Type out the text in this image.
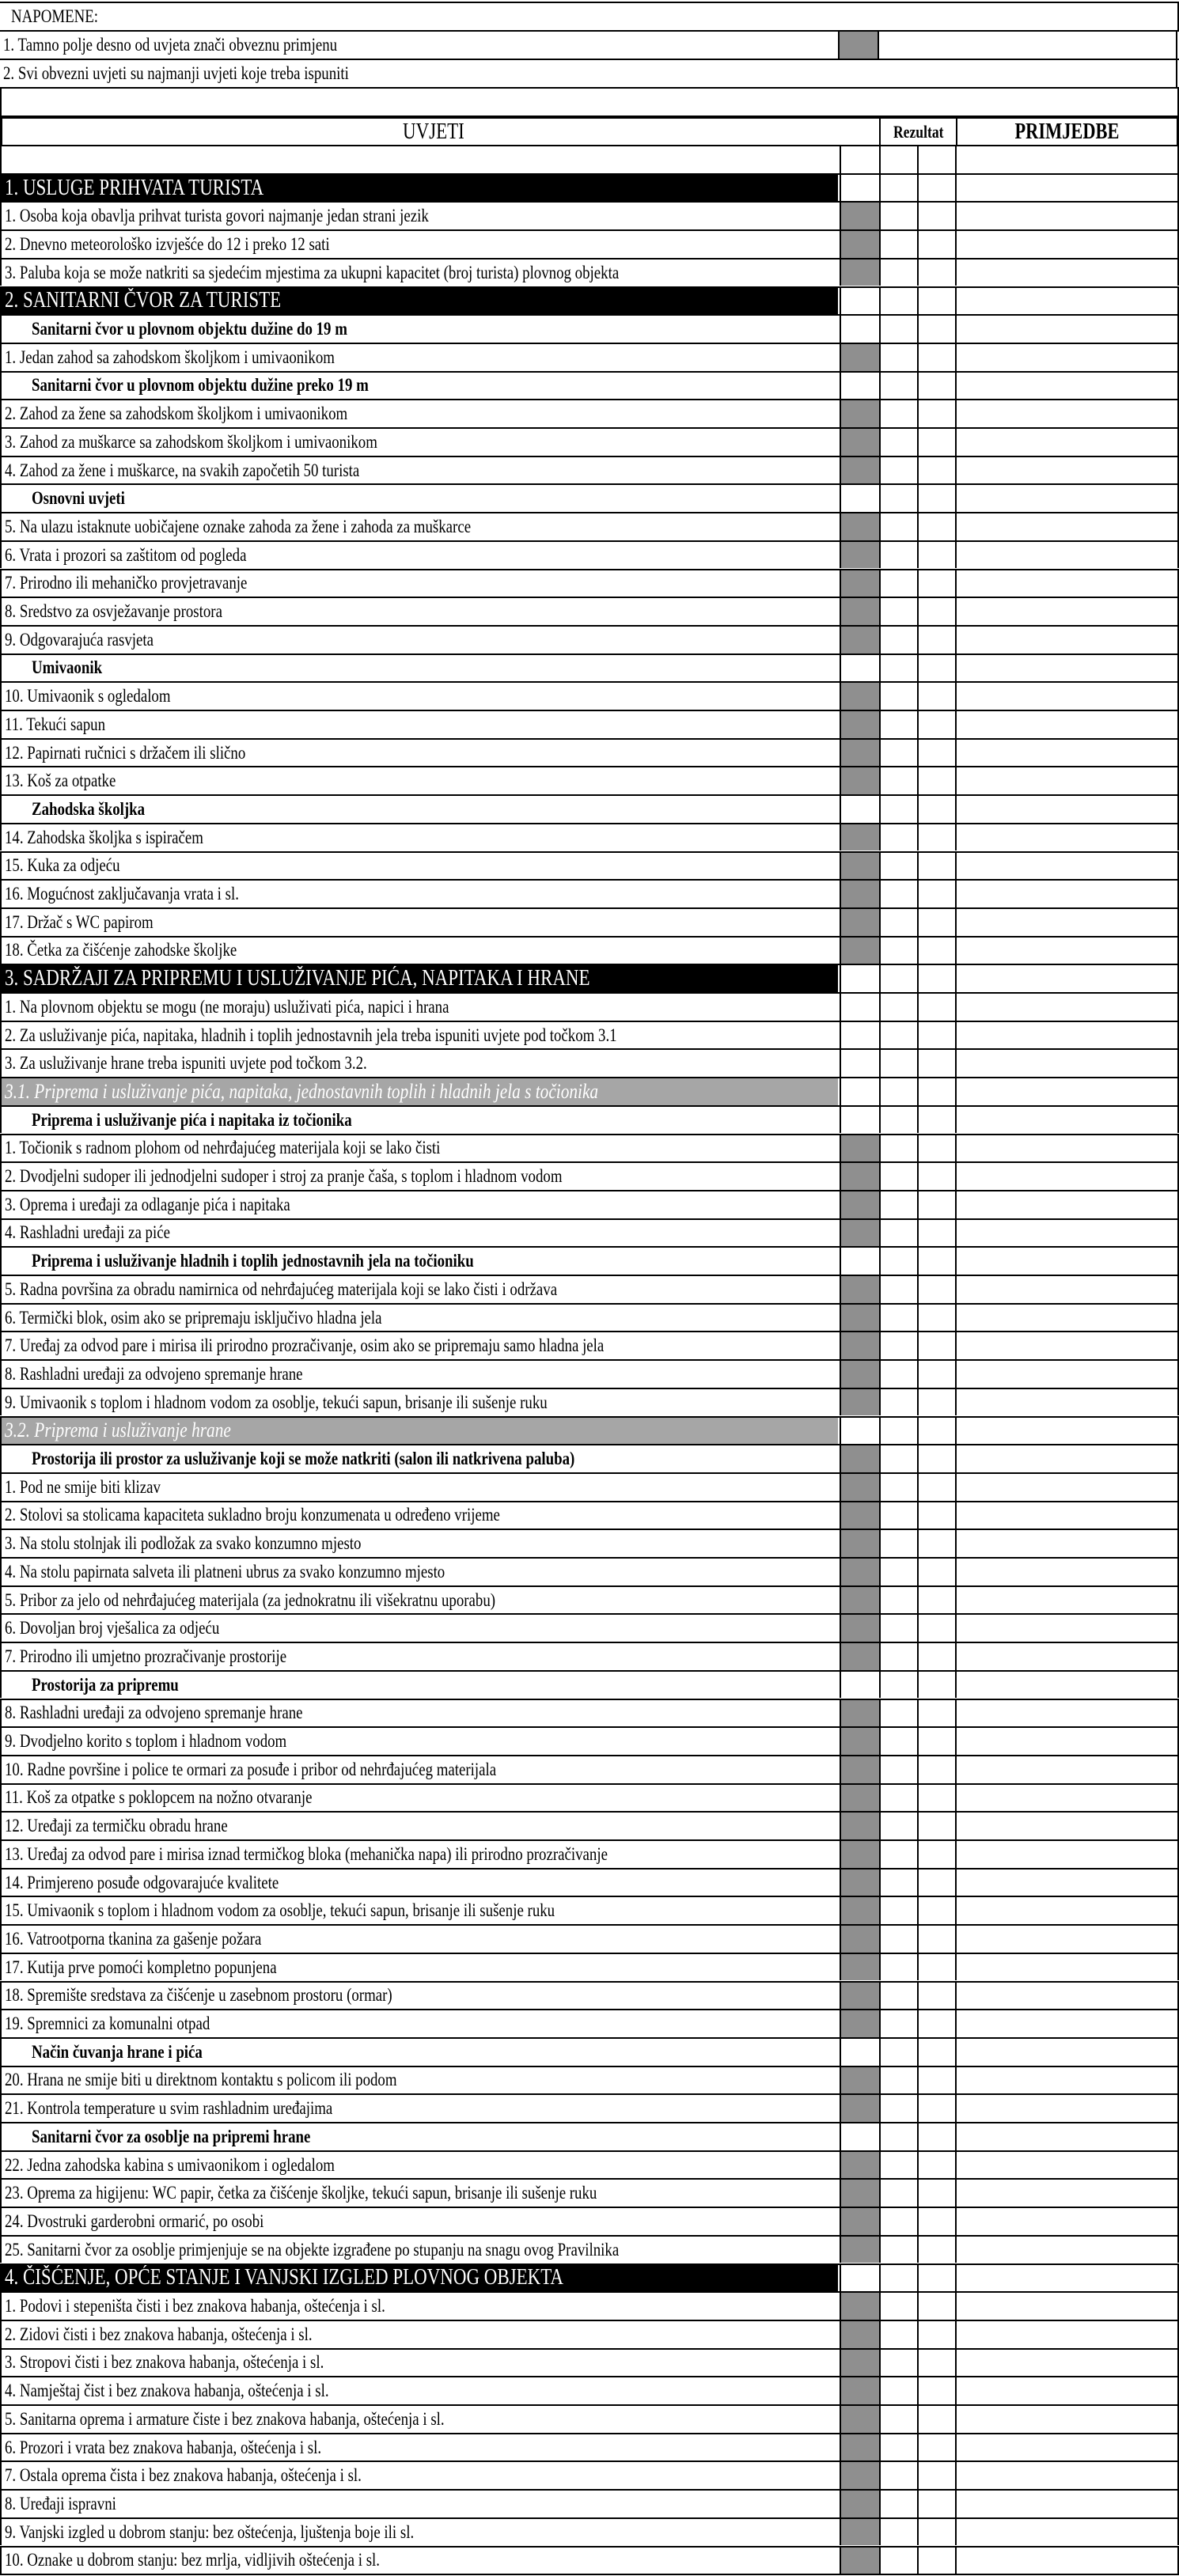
NAPOMENE:
1. Tamno polje desno od uvjeta znači obveznu primjenu
2. Svi obvezni uvjeti su najmanji uvjeti koje treba ispuniti
UVJETI	Rezultat	PRIMJEDBE
1. USLUGE PRIHVATA TURISTA
1. Osoba koja obavlja prihvat turista govori najmanje jedan strani jezik
2. Dnevno meteorološko izvješće do 12 i preko 12 sati
3. Paluba koja se može natkriti sa sjedećim mjestima za ukupni kapacitet (broj turista) plovnog objekta
2. SANITARNI ČVOR ZA TURISTE
Sanitarni čvor u plovnom objektu dužine do 19 m
1. Jedan zahod sa zahodskom školjkom i umivaonikom
Sanitarni čvor u plovnom objektu dužine preko 19 m
2. Zahod za žene sa zahodskom školjkom i umivaonikom
3. Zahod za muškarce sa zahodskom školjkom i umivaonikom
4. Zahod za žene i muškarce, na svakih započetih 50 turista
Osnovni uvjeti
5. Na ulazu istaknute uobičajene oznake zahoda za žene i zahoda za muškarce
6. Vrata i prozori sa zaštitom od pogleda
7. Prirodno ili mehaničko provjetravanje
8. Sredstvo za osvježavanje prostora
9. Odgovarajuća rasvjeta
Umivaonik
10. Umivaonik s ogledalom
11. Tekući sapun
12. Papirnati ručnici s držačem ili slično
13. Koš za otpatke
Zahodska školjka
14. Zahodska školjka s ispiračem
15. Kuka za odjeću
16. Mogućnost zaključavanja vrata i sl.
17. Držač s WC papirom
18. Četka za čišćenje zahodske školjke
3. SADRŽAJI ZA PRIPREMU I USLUŽIVANJE PIĆA, NAPITAKA I HRANE
1. Na plovnom objektu se mogu (ne moraju) usluživati pića, napici i hrana
2. Za usluživanje pića, napitaka, hladnih i toplih jednostavnih jela treba ispuniti uvjete pod točkom 3.1
3. Za usluživanje hrane treba ispuniti uvjete pod točkom 3.2.
3.1. Priprema i usluživanje pića, napitaka, jednostavnih toplih i hladnih jela s točionika
Priprema i usluživanje pića i napitaka iz točionika
1. Točionik s radnom plohom od nehrđajućeg materijala koji se lako čisti
2. Dvodjelni sudoper ili jednodjelni sudoper i stroj za pranje čaša, s toplom i hladnom vodom
3. Oprema i uređaji za odlaganje pića i napitaka
4. Rashladni uređaji za piće
Priprema i usluživanje hladnih i toplih jednostavnih jela na točioniku
5. Radna površina za obradu namirnica od nehrđajućeg materijala koji se lako čisti i održava
6. Termički blok, osim ako se pripremaju isključivo hladna jela
7. Uređaj za odvod pare i mirisa ili prirodno prozračivanje, osim ako se pripremaju samo hladna jela
8. Rashladni uređaji za odvojeno spremanje hrane
9. Umivaonik s toplom i hladnom vodom za osoblje, tekući sapun, brisanje ili sušenje ruku
3.2. Priprema i usluživanje hrane
Prostorija ili prostor za usluživanje koji se može natkriti (salon ili natkrivena paluba)
1. Pod ne smije biti klizav
2. Stolovi sa stolicama kapaciteta sukladno broju konzumenata u određeno vrijeme
3. Na stolu stolnjak ili podložak za svako konzumno mjesto
4. Na stolu papirnata salveta ili platneni ubrus za svako konzumno mjesto
5. Pribor za jelo od nehrđajućeg materijala (za jednokratnu ili višekratnu uporabu)
6. Dovoljan broj vješalica za odjeću
7. Prirodno ili umjetno prozračivanje prostorije
Prostorija za pripremu
8. Rashladni uređaji za odvojeno spremanje hrane
9. Dvodjelno korito s toplom i hladnom vodom
10. Radne površine i police te ormari za posuđe i pribor od nehrđajućeg materijala
11. Koš za otpatke s poklopcem na nožno otvaranje
12. Uređaji za termičku obradu hrane
13. Uređaj za odvod pare i mirisa iznad termičkog bloka (mehanička napa) ili prirodno prozračivanje
14. Primjereno posuđe odgovarajuće kvalitete
15. Umivaonik s toplom i hladnom vodom za osoblje, tekući sapun, brisanje ili sušenje ruku
16. Vatrootporna tkanina za gašenje požara
17. Kutija prve pomoći kompletno popunjena
18. Spremište sredstava za čišćenje u zasebnom prostoru (ormar)
19. Spremnici za komunalni otpad
Način čuvanja hrane i pića
20. Hrana ne smije biti u direktnom kontaktu s policom ili podom
21. Kontrola temperature u svim rashladnim uređajima
Sanitarni čvor za osoblje na pripremi hrane
22. Jedna zahodska kabina s umivaonikom i ogledalom
23. Oprema za higijenu: WC papir, četka za čišćenje školjke, tekući sapun, brisanje ili sušenje ruku
24. Dvostruki garderobni ormarić, po osobi
25. Sanitarni čvor za osoblje primjenjuje se na objekte izgrađene po stupanju na snagu ovog Pravilnika
4. ČIŠĆENJE, OPĆE STANJE I VANJSKI IZGLED PLOVNOG OBJEKTA
1. Podovi i stepeništa čisti i bez znakova habanja, oštećenja i sl.
2. Zidovi čisti i bez znakova habanja, oštećenja i sl.
3. Stropovi čisti i bez znakova habanja, oštećenja i sl.
4. Namještaj čist i bez znakova habanja, oštećenja i sl.
5. Sanitarna oprema i armature čiste i bez znakova habanja, oštećenja i sl.
6. Prozori i vrata bez znakova habanja, oštećenja i sl.
7. Ostala oprema čista i bez znakova habanja, oštećenja i sl.
8. Uređaji ispravni
9. Vanjski izgled u dobrom stanju: bez oštećenja, ljuštenja boje ili sl.
10. Oznake u dobrom stanju: bez mrlja, vidljivih oštećenja i sl.
